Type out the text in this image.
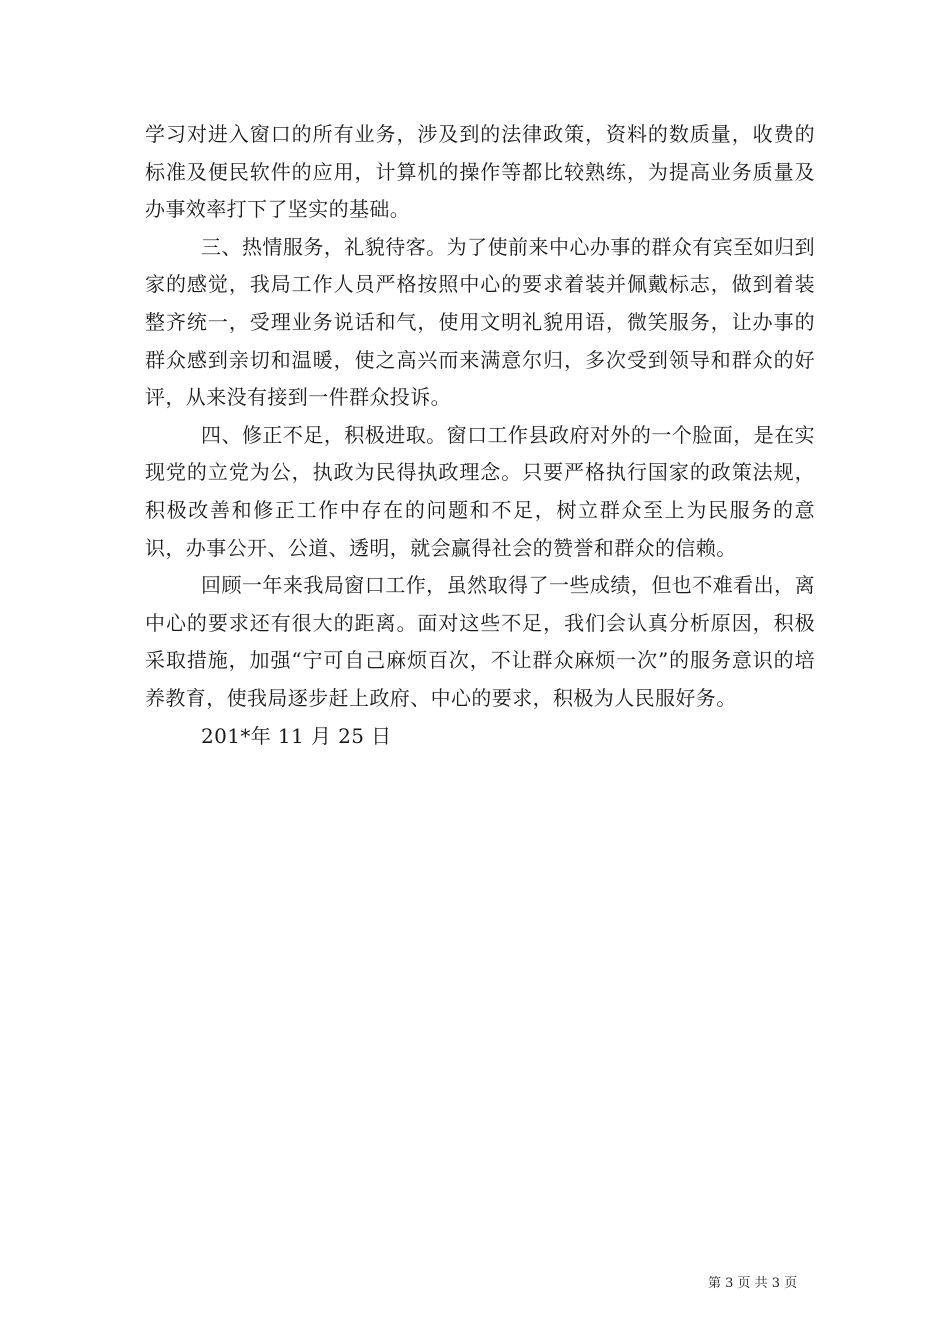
学习对进入窗口的所有业务，涉及到的法律政策，资料的数质量，收费的标准及便民软件的应用，计算机的操作等都比较熟练，为提高业务质量及办事效率打下了坚实的基础。

三、热情服务，礼貌待客。为了使前来中心办事的群众有宾至如归到家的感觉，我局工作人员严格按照中心的要求着装并佩戴标志，做到着装整齐统一，受理业务说话和气，使用文明礼貌用语，微笑服务，让办事的群众感到亲切和温暖，使之高兴而来满意尔归，多次受到领导和群众的好评，从来没有接到一件群众投诉。

四、修正不足，积极进取。窗口工作县政府对外的一个脸面，是在实现党的立党为公，执政为民得执政理念。只要严格执行国家的政策法规，积极改善和修正工作中存在的问题和不足，树立群众至上为民服务的意识，办事公开、公道、透明，就会赢得社会的赞誉和群众的信赖。

回顾一年来我局窗口工作，虽然取得了一些成绩，但也不难看出，离中心的要求还有很大的距离。面对这些不足，我们会认真分析原因，积极采取措施，加强“宁可自己麻烦百次，不让群众麻烦一次”的服务意识的培养教育，使我局逐步赶上政府、中心的要求，积极为人民服好务。

201*年 11 月 25 日

第 3 页 共 3 页
